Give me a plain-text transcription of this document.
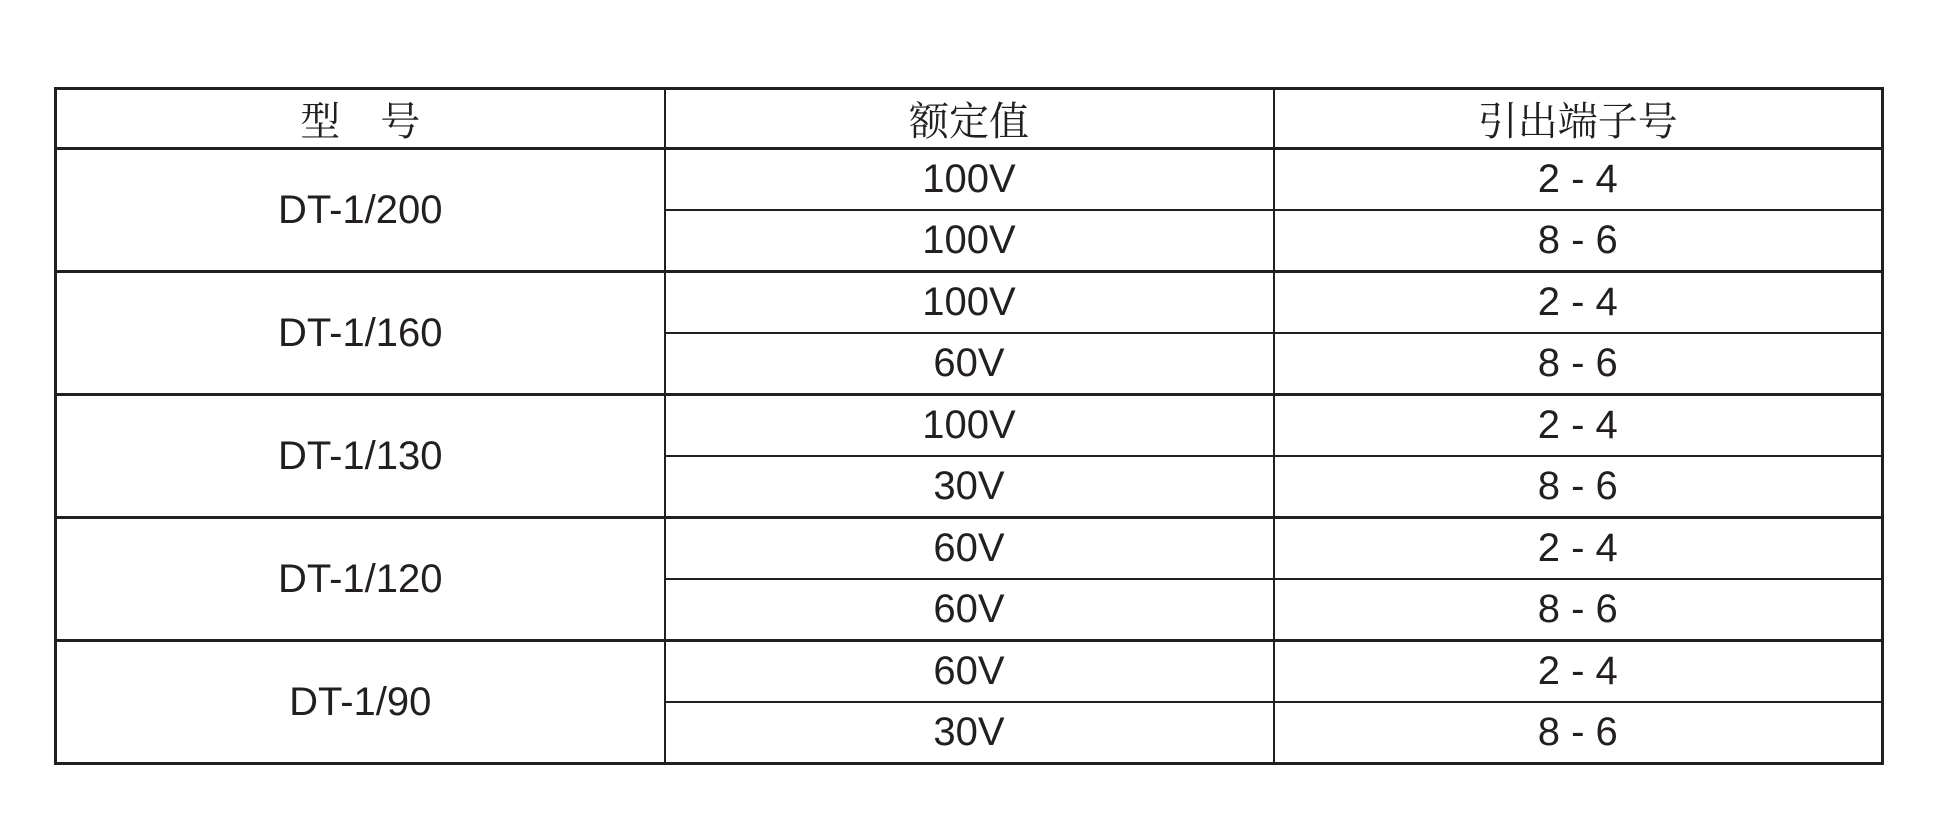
型　号	额定值	引出端子号
DT-1/200	100V	2 - 4
	100V	8 - 6
DT-1/160	100V	2 - 4
	60V	8 - 6
DT-1/130	100V	2 - 4
	30V	8 - 6
DT-1/120	60V	2 - 4
	60V	8 - 6
DT-1/90	60V	2 - 4
	30V	8 - 6
